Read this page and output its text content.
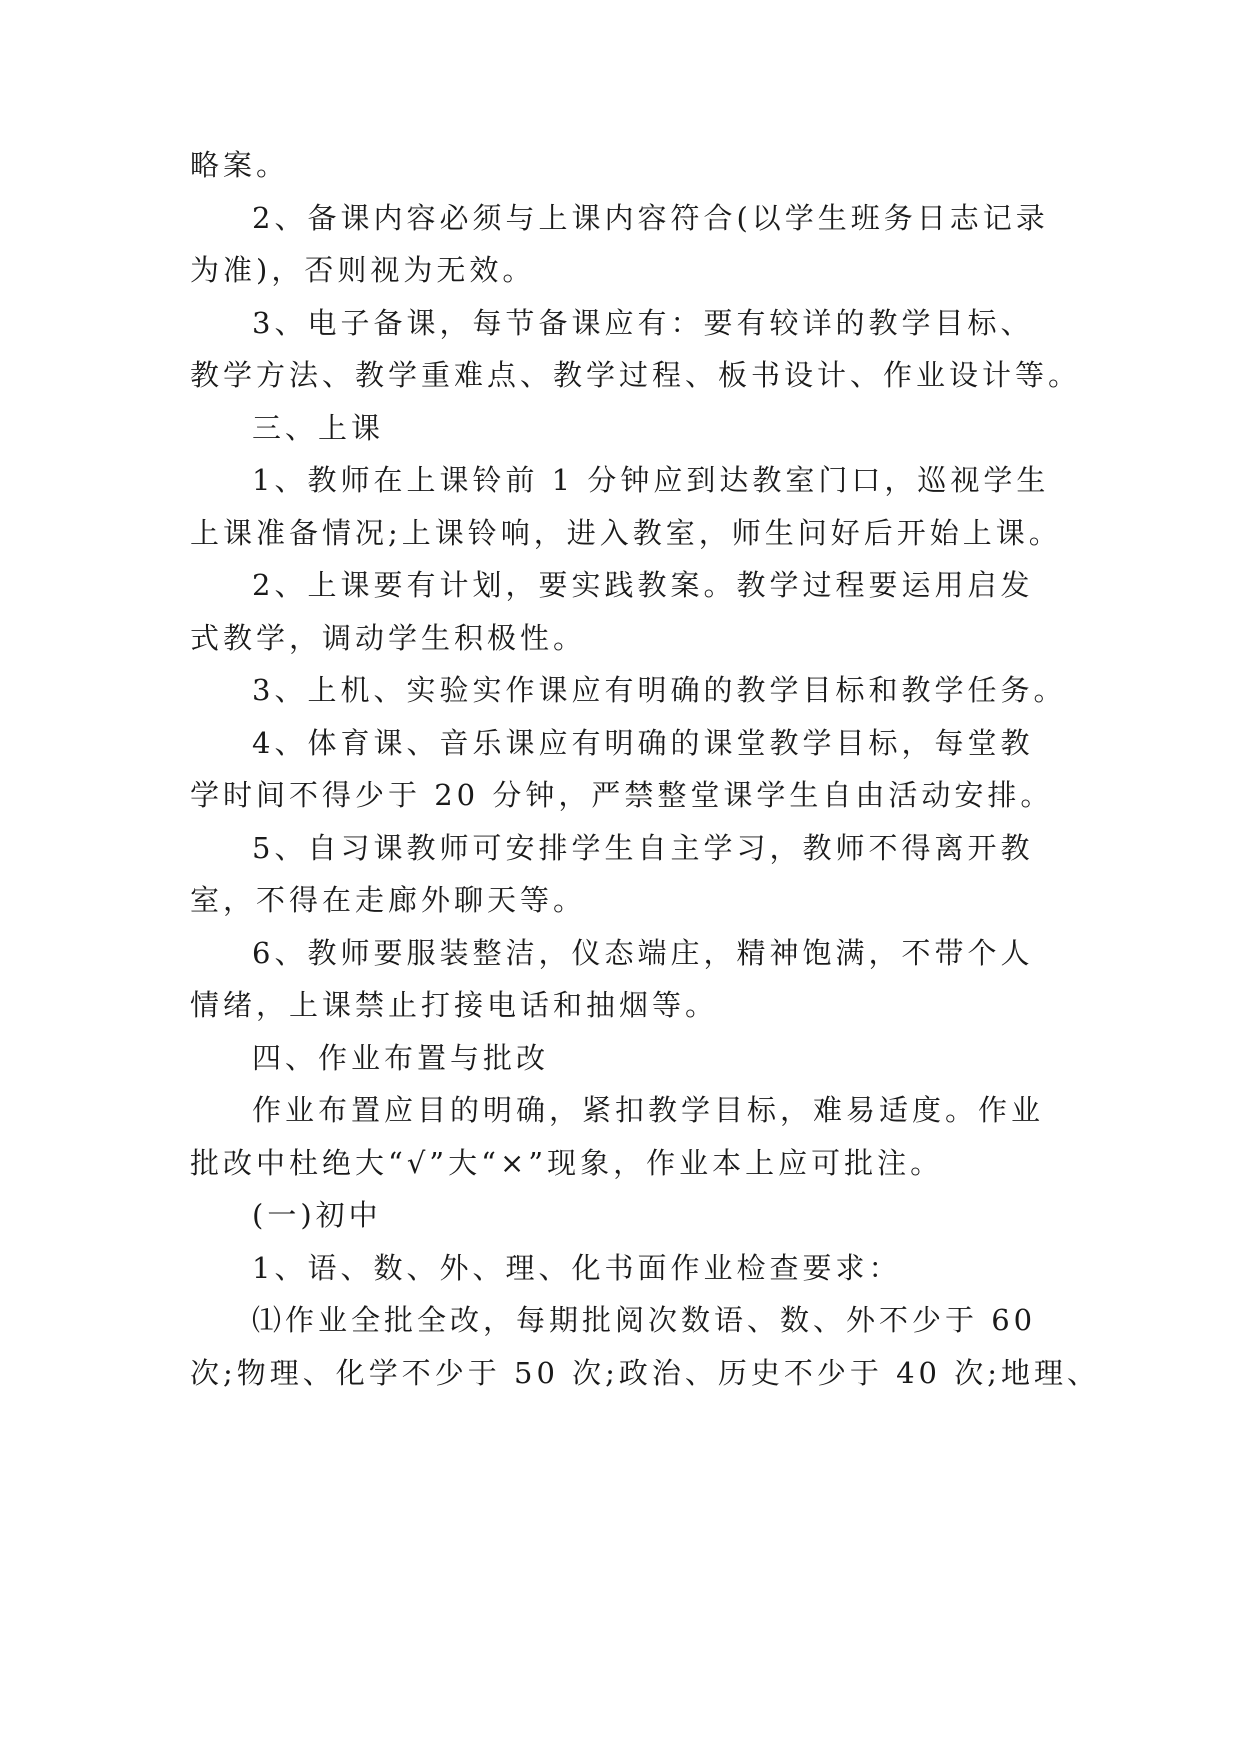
略案。
2、备课内容必须与上课内容符合(以学生班务日志记录
为准)，否则视为无效。
3、电子备课，每节备课应有：要有较详的教学目标、
教学方法、教学重难点、教学过程、板书设计、作业设计等。
三、上课
1、教师在上课铃前 1 分钟应到达教室门口，巡视学生
上课准备情况;上课铃响，进入教室，师生问好后开始上课。
2、上课要有计划，要实践教案。教学过程要运用启发
式教学，调动学生积极性。
3、上机、实验实作课应有明确的教学目标和教学任务。
4、体育课、音乐课应有明确的课堂教学目标，每堂教
学时间不得少于 20 分钟，严禁整堂课学生自由活动安排。
5、自习课教师可安排学生自主学习，教师不得离开教
室，不得在走廊外聊天等。
6、教师要服装整洁，仪态端庄，精神饱满，不带个人
情绪，上课禁止打接电话和抽烟等。
四、作业布置与批改
作业布置应目的明确，紧扣教学目标，难易适度。作业
批改中杜绝大“√”大“×”现象，作业本上应可批注。
(一)初中
1、语、数、外、理、化书面作业检查要求：
⑴作业全批全改，每期批阅次数语、数、外不少于 60
次;物理、化学不少于 50 次;政治、历史不少于 40 次;地理、
